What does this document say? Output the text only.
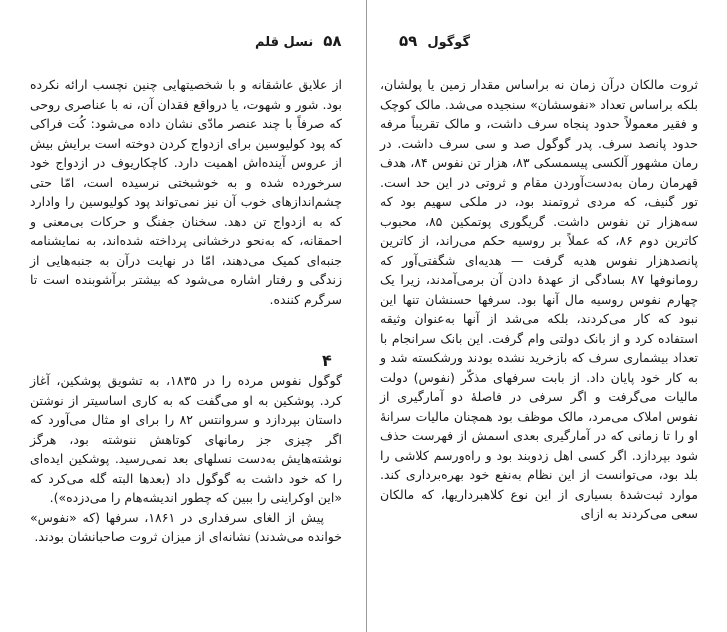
۵۸نسل قلم

از علایق عاشقانه و با شخصیتهایی چنین نچسب ارائه نکرده بود. شور و شهوت، یا درواقع فقدان آن، نه با عناصری روحی که صرفاً با چند عنصر مادّی نشان داده می‌شود: کُت فراکی که پود کولیوسین برای ازدواج کردن دوخته است برایش بیش از عروس آینده‌اش اهمیت دارد. کاچکاریوف در ازدواج خود سرخورده شده و به خوشبختی نرسیده است، امّا حتی چشم‌اندازهای خوب آن نیز نمی‌تواند پود کولیوسین را وادارد که به ازدواج تن دهد. سخنان جفنگ و حرکات بی‌معنی و احمقانه، که به‌نحو درخشانی پرداخته شده‌اند، به نمایشنامه جنبه‌ای کمیک می‌دهند، امّا در نهایت درآن به جنبه‌هایی از زندگی و رفتار اشاره می‌شود که بیشتر برآشوبنده است تا سرگرم کننده.

۴

گوگول نفوس مرده را در ۱۸۳۵، به تشویق پوشکین، آغاز کرد. پوشکین به او می‌گفت که به کاری اساسیتر از نوشتن داستان بپردازد و سروانتس ۸۲ را برای او مثال می‌آورد که اگر چیزی جز رمانهای کوتاهش ننوشته بود، هرگز نوشته‌هایش به‌دست نسلهای بعد نمی‌رسید. پوشکین ایده‌ای را که خود داشت به گوگول داد (بعدها البته گله می‌کرد که «این اوکراینی را ببین که چطور اندیشه‌هام را می‌دزده»).

پیش از الغای سرفداری در ۱۸۶۱، سرفها (که «نفوس» خوانده می‌شدند) نشانه‌ای از میزان ثروت صاحبانشان بودند.

گوگول۵۹

ثروت مالکان درآن زمان نه براساس مقدار زمین یا پولشان، بلکه براساس تعداد «نفوسشان» سنجیده می‌شد. مالک کوچک و فقیر معمولاً حدود پنجاه سرف داشت، و مالک تقریباً مرفه حدود پانصد سرف. پدر گوگول صد و سی سرف داشت. در رمان مشهور آلکسی پیسمسکی ۸۳، هزار تن نفوس ۸۴، هدف قهرمان رمان به‌دست‌آوردن مقام و ثروتی در این حد است. تور گنیف، که مردی ثروتمند بود، در ملکی سهیم بود که سه‌هزار تن نفوس داشت. گریگوری پوتمکین ۸۵، محبوب کاترین دوم ۸۶، که عملاً بر روسیه حکم می‌راند، از کاترین پانصدهزار نفوس هدیه گرفت — هدیه‌ای شگفتی‌آور که رومانوفها ۸۷ بسادگی از عهدهٔ دادن آن برمی‌آمدند، زیرا یک چهارم نفوس روسیه مال آنها بود. سرفها حسنشان تنها این نبود که کار می‌کردند، بلکه می‌شد از آنها به‌عنوان وثیقه استفاده کرد و از بانک دولتی وام گرفت. این بانک سرانجام با تعداد بیشماری سرف که بازخرید نشده بودند ورشکسته شد و به کار خود پایان داد. از بابت سرفهای مذکّر (نفوس) دولت مالیات می‌گرفت و اگر سرفی در فاصلهٔ دو آمارگیری از نفوس املاک می‌مرد، مالک موظف بود همچنان مالیات سرانهٔ او را تا زمانی که در آمارگیری بعدی اسمش از فهرست حذف شود بپردازد. اگر کسی اهل زدوبند بود و راه‌ورسم کلاشی را بلد بود، می‌توانست از این نظام به‌نفع خود بهره‌برداری کند. موارد ثبت‌شدهٔ بسیاری از این نوع کلاهبرداریها، که مالکان سعی می‌کردند به ازای
